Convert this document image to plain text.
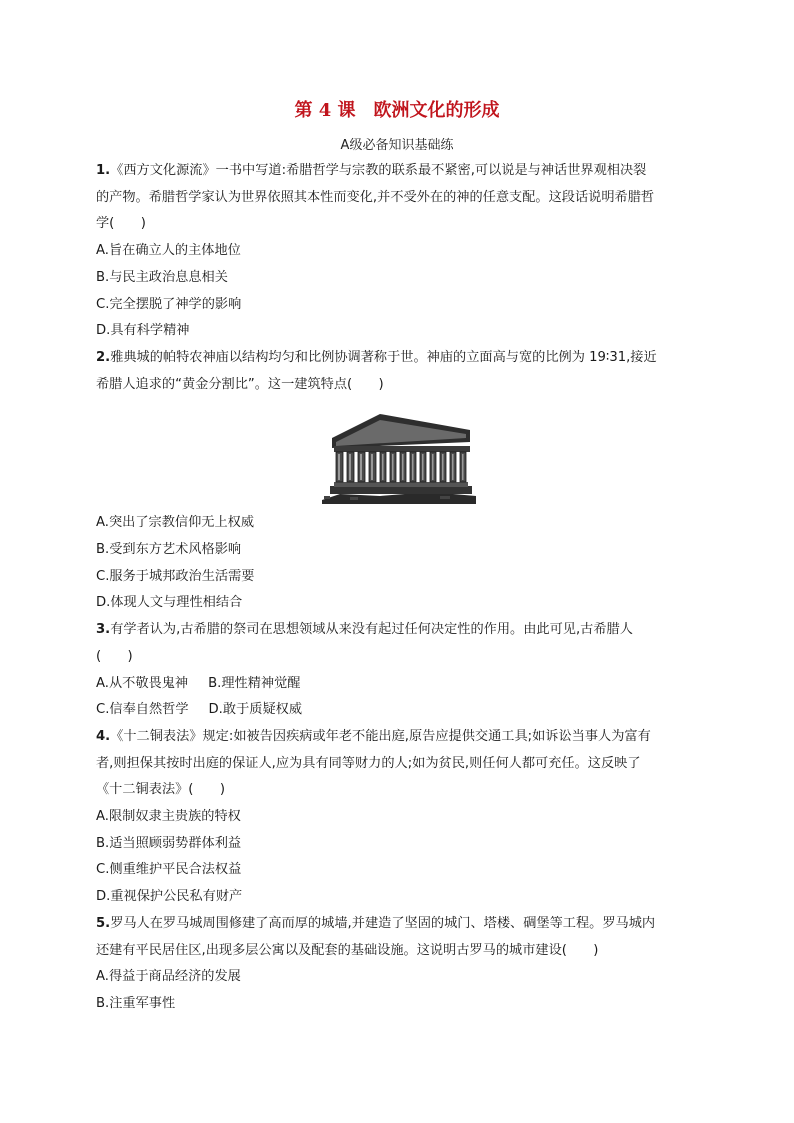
第 4 课　欧洲文化的形成
A级必备知识基础练
1.《西方文化源流》一书中写道:希腊哲学与宗教的联系最不紧密,可以说是与神话世界观相决裂
的产物。希腊哲学家认为世界依照其本性而变化,并不受外在的神的任意支配。这段话说明希腊哲
学(　　)
A.旨在确立人的主体地位
B.与民主政治息息相关
C.完全摆脱了神学的影响
D.具有科学精神
2.雅典城的帕特农神庙以结构均匀和比例协调著称于世。神庙的立面高与宽的比例为 19∶31,接近
希腊人追求的“黄金分割比”。这一建筑特点(　　)
A.突出了宗教信仰无上权威
B.受到东方艺术风格影响
C.服务于城邦政治生活需要
D.体现人文与理性相结合
3.有学者认为,古希腊的祭司在思想领域从来没有起过任何决定性的作用。由此可见,古希腊人
(　　)
A.从不敬畏鬼神 B.理性精神觉醒
C.信奉自然哲学 D.敢于质疑权威
4.《十二铜表法》规定:如被告因疾病或年老不能出庭,原告应提供交通工具;如诉讼当事人为富有
者,则担保其按时出庭的保证人,应为具有同等财力的人;如为贫民,则任何人都可充任。这反映了
《十二铜表法》(　　)
A.限制奴隶主贵族的特权
B.适当照顾弱势群体利益
C.侧重维护平民合法权益
D.重视保护公民私有财产
5.罗马人在罗马城周围修建了高而厚的城墙,并建造了坚固的城门、塔楼、碉堡等工程。罗马城内
还建有平民居住区,出现多层公寓以及配套的基础设施。这说明古罗马的城市建设(　　)
A.得益于商品经济的发展
B.注重军事性
